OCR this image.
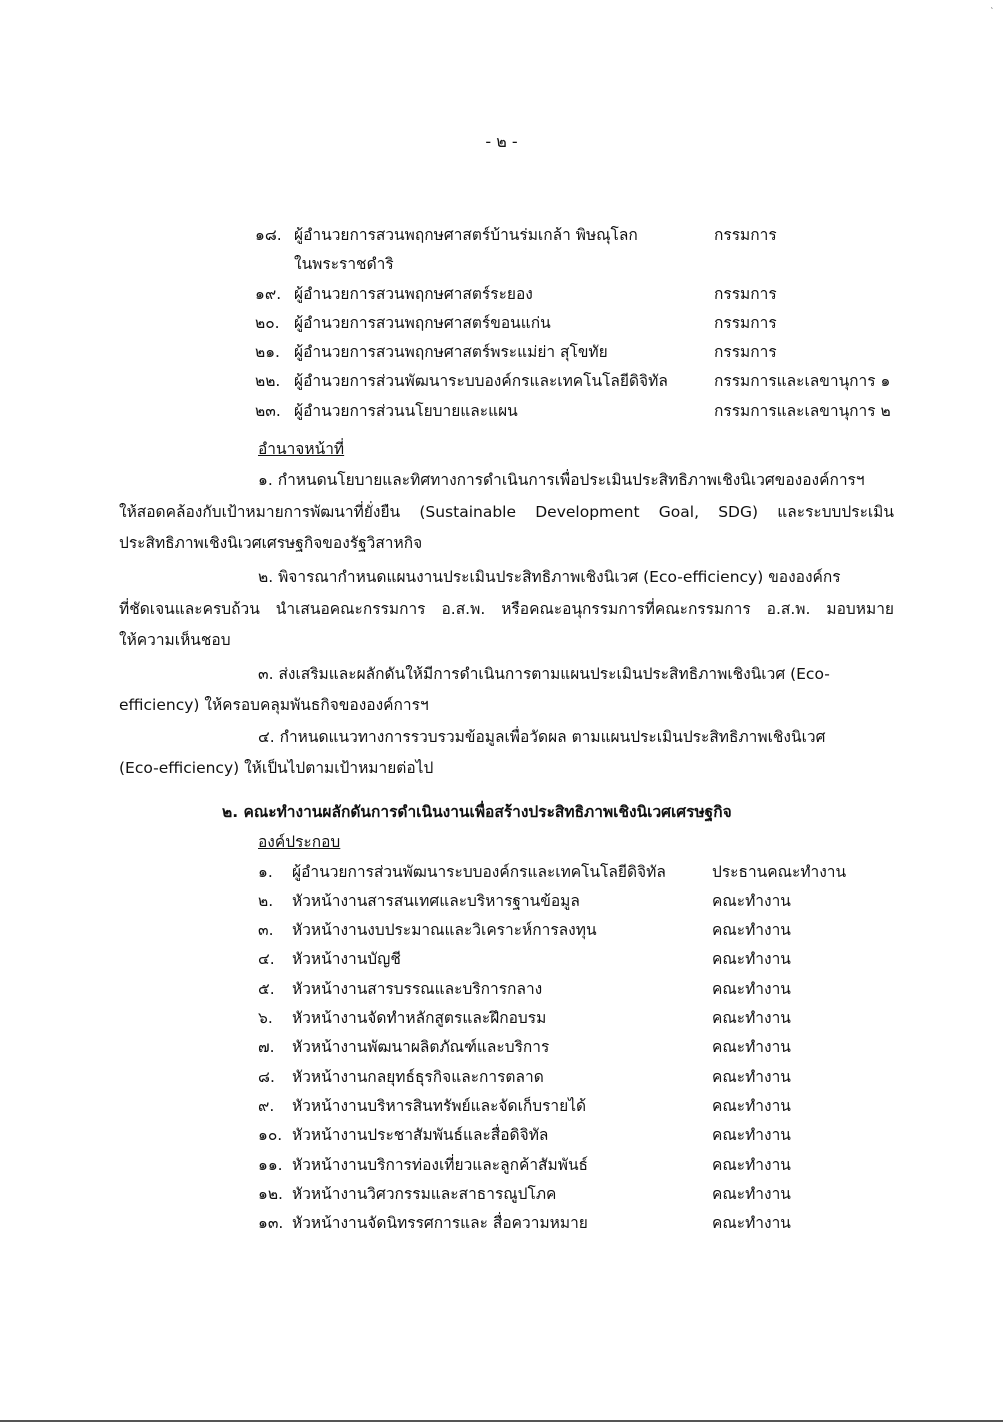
- ๒ -
˛
๑๘. ผู้อำนวยการสวนพฤกษศาสตร์บ้านร่มเกล้า พิษณุโลก	กรรมการ
ในพระราชดำริ
๑๙. ผู้อำนวยการสวนพฤกษศาสตร์ระยอง	กรรมการ
๒๐. ผู้อำนวยการสวนพฤกษศาสตร์ขอนแก่น	กรรมการ
๒๑. ผู้อำนวยการสวนพฤกษศาสตร์พระแม่ย่า สุโขทัย	กรรมการ
๒๒. ผู้อำนวยการส่วนพัฒนาระบบองค์กรและเทคโนโลยีดิจิทัล	กรรมการและเลขานุการ ๑
๒๓. ผู้อำนวยการส่วนนโยบายและแผน	กรรมการและเลขานุการ ๒
อำนาจหน้าที่
๑. กำหนดนโยบายและทิศทางการดำเนินการเพื่อประเมินประสิทธิภาพเชิงนิเวศขององค์การฯ
ให้สอดคล้องกับเป้าหมายการพัฒนาที่ยั่งยืน (Sustainable Development Goal, SDG) และระบบประเมิน
ประสิทธิภาพเชิงนิเวศเศรษฐกิจของรัฐวิสาหกิจ
๒. พิจารณากำหนดแผนงานประเมินประสิทธิภาพเชิงนิเวศ (Eco-efficiency) ขององค์กร
ที่ชัดเจนและครบถ้วน นำเสนอคณะกรรมการ อ.ส.พ. หรือคณะอนุกรรมการที่คณะกรรมการ อ.ส.พ. มอบหมาย
ให้ความเห็นชอบ
๓. ส่งเสริมและผลักดันให้มีการดำเนินการตามแผนประเมินประสิทธิภาพเชิงนิเวศ (Eco-
efficiency) ให้ครอบคลุมพันธกิจขององค์การฯ
๔. กำหนดแนวทางการรวบรวมข้อมูลเพื่อวัดผล ตามแผนประเมินประสิทธิภาพเชิงนิเวศ
(Eco-efficiency) ให้เป็นไปตามเป้าหมายต่อไป
๒. คณะทำงานผลักดันการดำเนินงานเพื่อสร้างประสิทธิภาพเชิงนิเวศเศรษฐกิจ
องค์ประกอบ
๑. ผู้อำนวยการส่วนพัฒนาระบบองค์กรและเทคโนโลยีดิจิทัล	ประธานคณะทำงาน
๒. หัวหน้างานสารสนเทศและบริหารฐานข้อมูล	คณะทำงาน
๓. หัวหน้างานงบประมาณและวิเคราะห์การลงทุน	คณะทำงาน
๔. หัวหน้างานบัญชี	คณะทำงาน
๕. หัวหน้างานสารบรรณและบริการกลาง	คณะทำงาน
๖. หัวหน้างานจัดทำหลักสูตรและฝึกอบรม	คณะทำงาน
๗. หัวหน้างานพัฒนาผลิตภัณฑ์และบริการ	คณะทำงาน
๘. หัวหน้างานกลยุทธ์ธุรกิจและการตลาด	คณะทำงาน
๙. หัวหน้างานบริหารสินทรัพย์และจัดเก็บรายได้	คณะทำงาน
๑๐. หัวหน้างานประชาสัมพันธ์และสื่อดิจิทัล	คณะทำงาน
๑๑. หัวหน้างานบริการท่องเที่ยวและลูกค้าสัมพันธ์	คณะทำงาน
๑๒. หัวหน้างานวิศวกรรมและสาธารณูปโภค	คณะทำงาน
๑๓. หัวหน้างานจัดนิทรรศการและ สื่อความหมาย	คณะทำงาน
